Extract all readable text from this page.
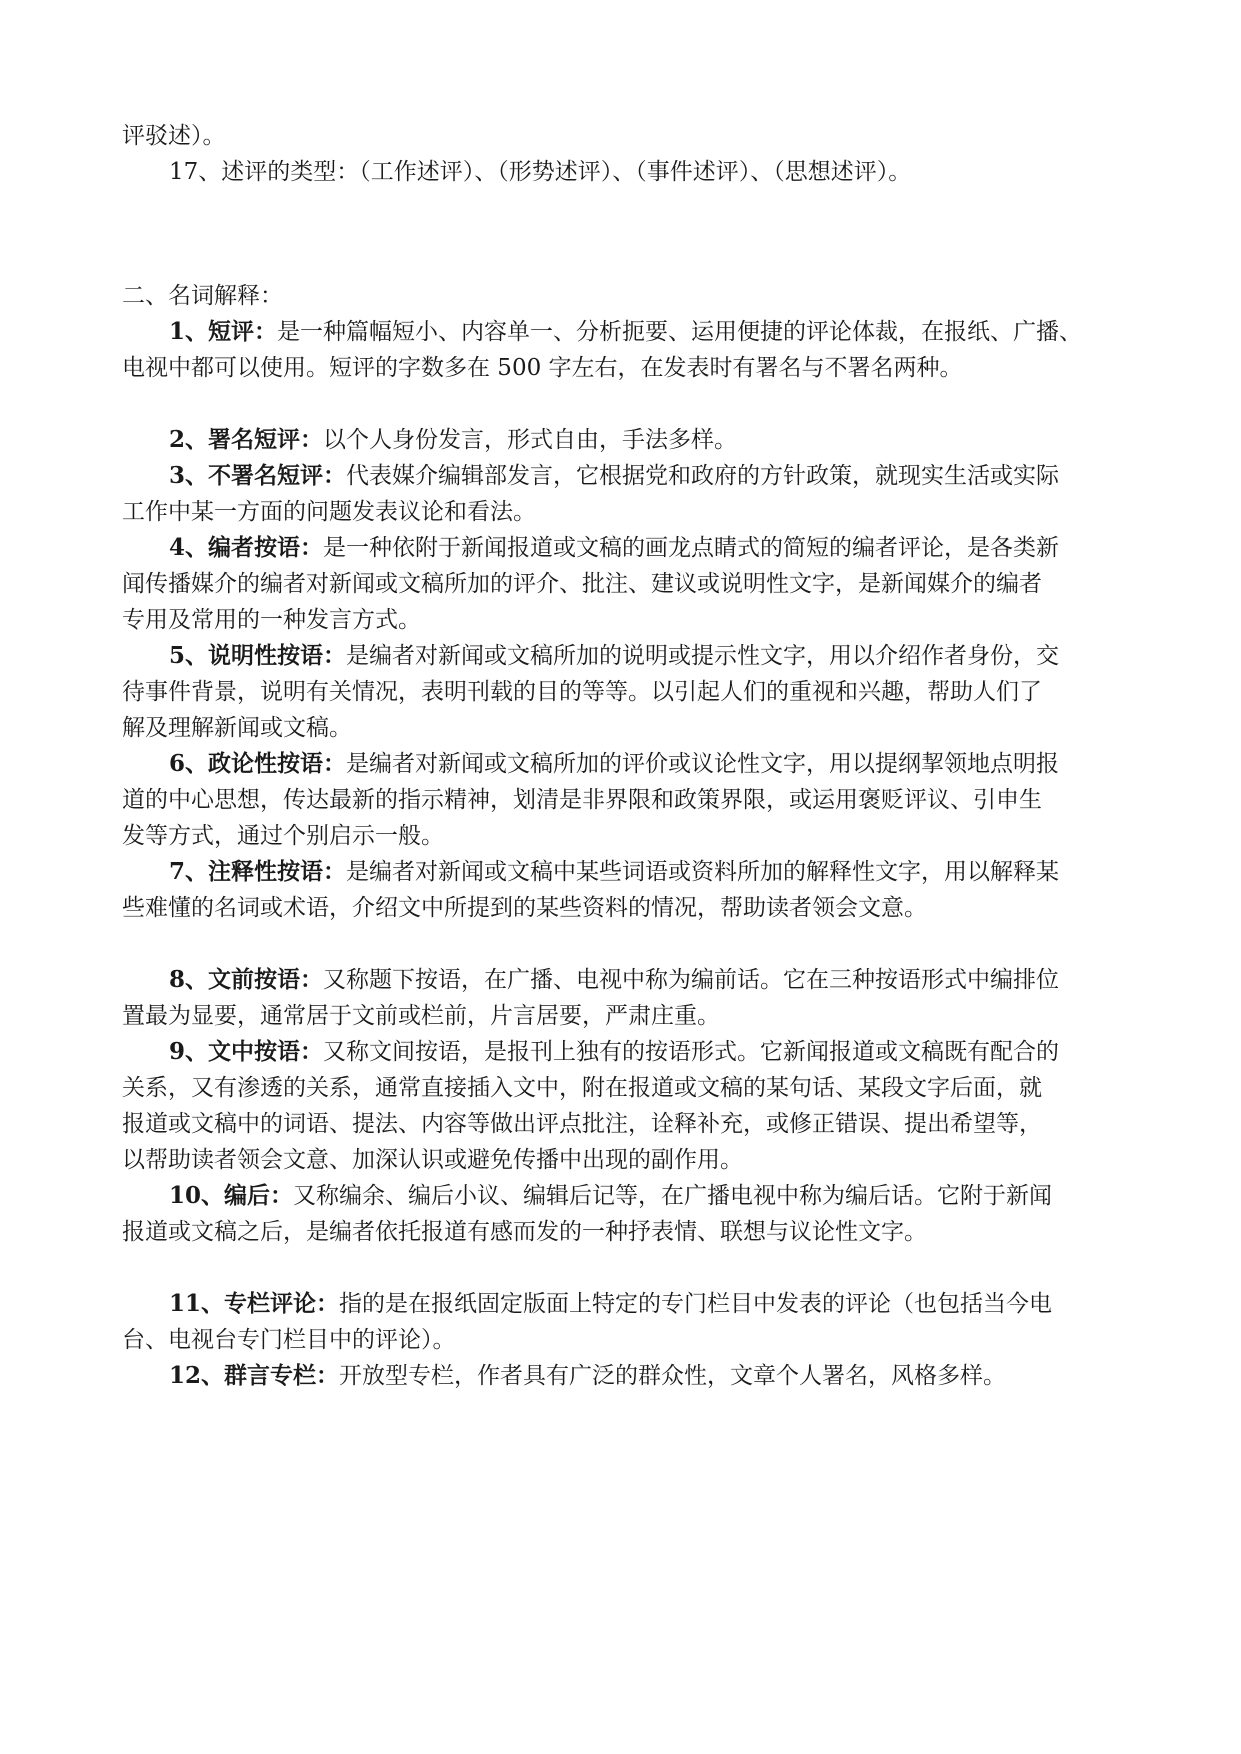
评驳述）。

17、述评的类型：（工作述评）、（形势述评）、（事件述评）、（思想述评）。

二、名词解释：

1、短评：是一种篇幅短小、内容单一、分析扼要、运用便捷的评论体裁，在报纸、广播、

电视中都可以使用。短评的字数多在 500 字左右，在发表时有署名与不署名两种。

2、署名短评：以个人身份发言，形式自由，手法多样。

3、不署名短评：代表媒介编辑部发言，它根据党和政府的方针政策，就现实生活或实际

工作中某一方面的问题发表议论和看法。

4、编者按语：是一种依附于新闻报道或文稿的画龙点睛式的简短的编者评论，是各类新

闻传播媒介的编者对新闻或文稿所加的评介、批注、建议或说明性文字，是新闻媒介的编者

专用及常用的一种发言方式。

5、说明性按语：是编者对新闻或文稿所加的说明或提示性文字，用以介绍作者身份，交

待事件背景，说明有关情况，表明刊载的目的等等。以引起人们的重视和兴趣，帮助人们了

解及理解新闻或文稿。

6、政论性按语：是编者对新闻或文稿所加的评价或议论性文字，用以提纲挈领地点明报

道的中心思想，传达最新的指示精神，划清是非界限和政策界限，或运用褒贬评议、引申生

发等方式，通过个别启示一般。

7、注释性按语：是编者对新闻或文稿中某些词语或资料所加的解释性文字，用以解释某

些难懂的名词或术语，介绍文中所提到的某些资料的情况，帮助读者领会文意。

8、文前按语：又称题下按语，在广播、电视中称为编前话。它在三种按语形式中编排位

置最为显要，通常居于文前或栏前，片言居要，严肃庄重。

9、文中按语：又称文间按语，是报刊上独有的按语形式。它新闻报道或文稿既有配合的

关系，又有渗透的关系，通常直接插入文中，附在报道或文稿的某句话、某段文字后面，就

报道或文稿中的词语、提法、内容等做出评点批注，诠释补充，或修正错误、提出希望等，

以帮助读者领会文意、加深认识或避免传播中出现的副作用。

10、编后：又称编余、编后小议、编辑后记等，在广播电视中称为编后话。它附于新闻

报道或文稿之后，是编者依托报道有感而发的一种抒表情、联想与议论性文字。

11、专栏评论：指的是在报纸固定版面上特定的专门栏目中发表的评论（也包括当今电

台、电视台专门栏目中的评论）。

12、群言专栏：开放型专栏，作者具有广泛的群众性，文章个人署名，风格多样。
